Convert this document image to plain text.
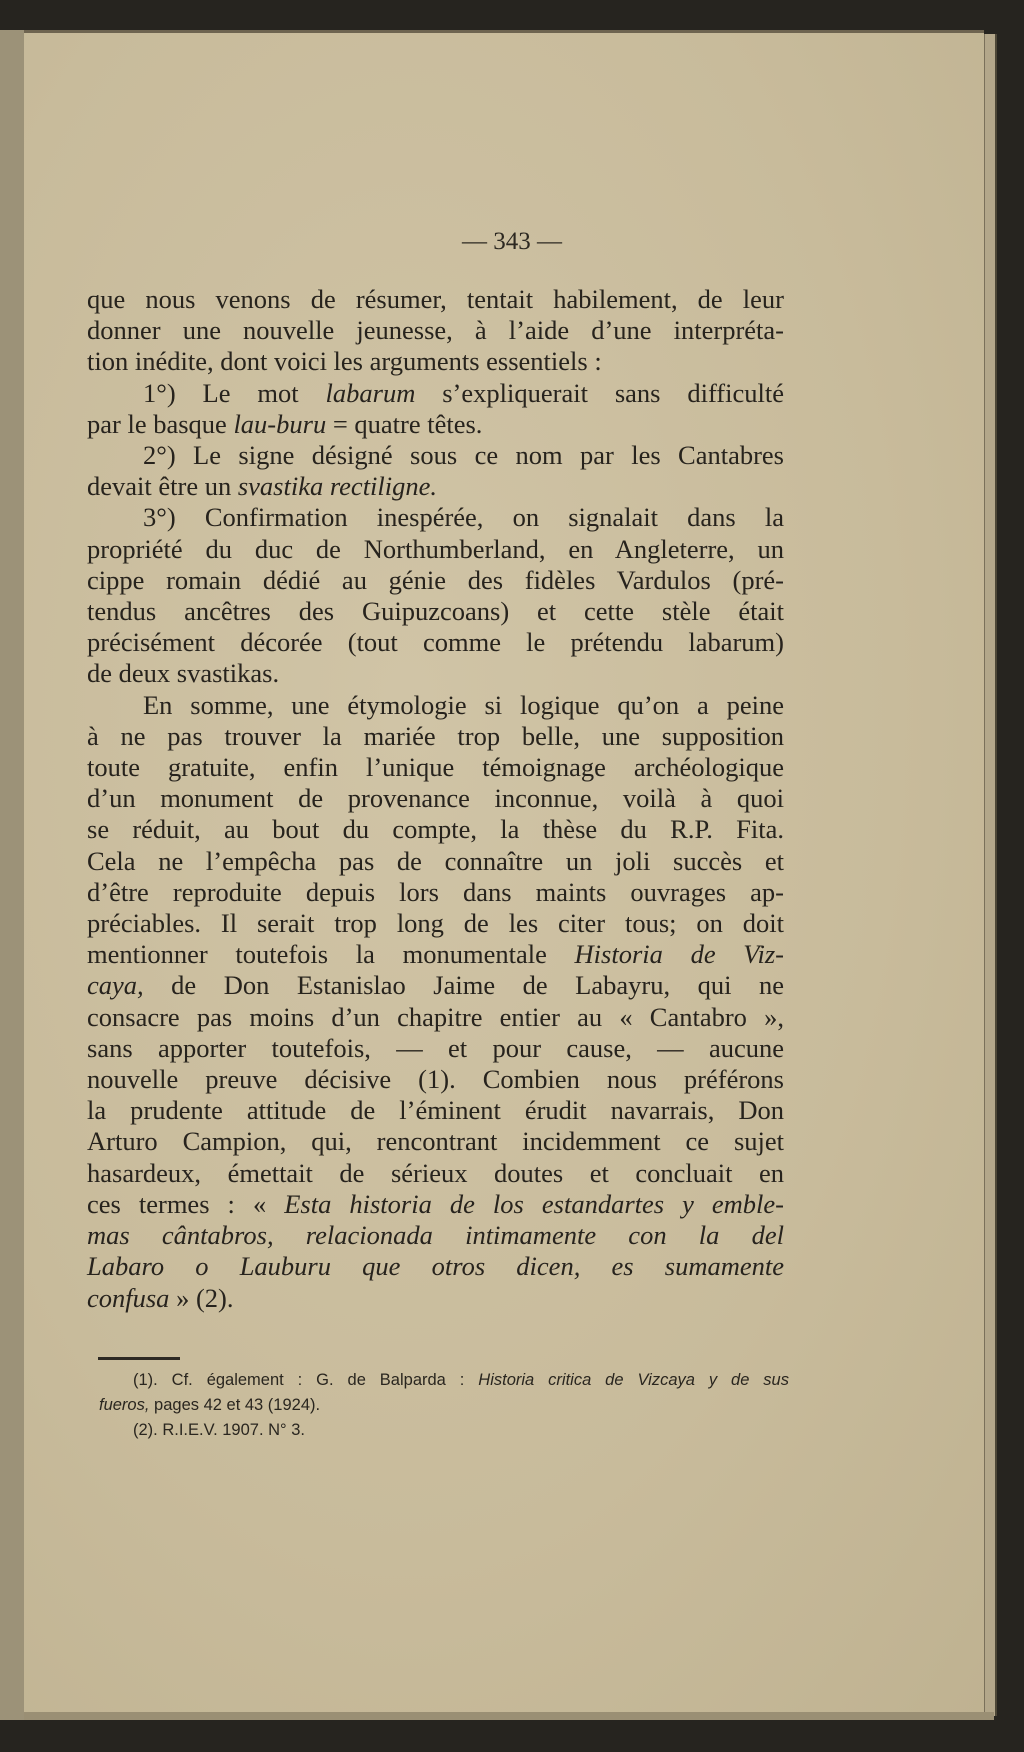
— 343 —
que nous venons de résumer, tentait habilement, de leur
donner une nouvelle jeunesse, à l’aide d’une interpréta-
tion inédite, dont voici les arguments essentiels :
1°) Le mot labarum s’expliquerait sans difficulté
par le basque lau-buru = quatre têtes.
2°) Le signe désigné sous ce nom par les Cantabres
devait être un svastika rectiligne.
3°) Confirmation inespérée, on signalait dans la
propriété du duc de Northumberland, en Angleterre, un
cippe romain dédié au génie des fidèles Vardulos (pré-
tendus ancêtres des Guipuzcoans) et cette stèle était
précisément décorée (tout comme le prétendu labarum)
de deux svastikas.
En somme, une étymologie si logique qu’on a peine
à ne pas trouver la mariée trop belle, une supposition
toute gratuite, enfin l’unique témoignage archéologique
d’un monument de provenance inconnue, voilà à quoi
se réduit, au bout du compte, la thèse du R.P. Fita.
Cela ne l’empêcha pas de connaître un joli succès et
d’être reproduite depuis lors dans maints ouvrages ap-
préciables. Il serait trop long de les citer tous; on doit
mentionner toutefois la monumentale Historia de Viz-
caya, de Don Estanislao Jaime de Labayru, qui ne
consacre pas moins d’un chapitre entier au « Cantabro »,
sans apporter toutefois, — et pour cause, — aucune
nouvelle preuve décisive (1). Combien nous préférons
la prudente attitude de l’éminent érudit navarrais, Don
Arturo Campion, qui, rencontrant incidemment ce sujet
hasardeux, émettait de sérieux doutes et concluait en
ces termes : « Esta historia de los estandartes y emble-
mas cântabros, relacionada intimamente con la del
Labaro o Lauburu que otros dicen, es sumamente
confusa » (2).
(1). Cf. également : G. de Balparda : Historia critica de Vizcaya y de sus
fueros, pages 42 et 43 (1924).
(2). R.I.E.V. 1907. N° 3.
